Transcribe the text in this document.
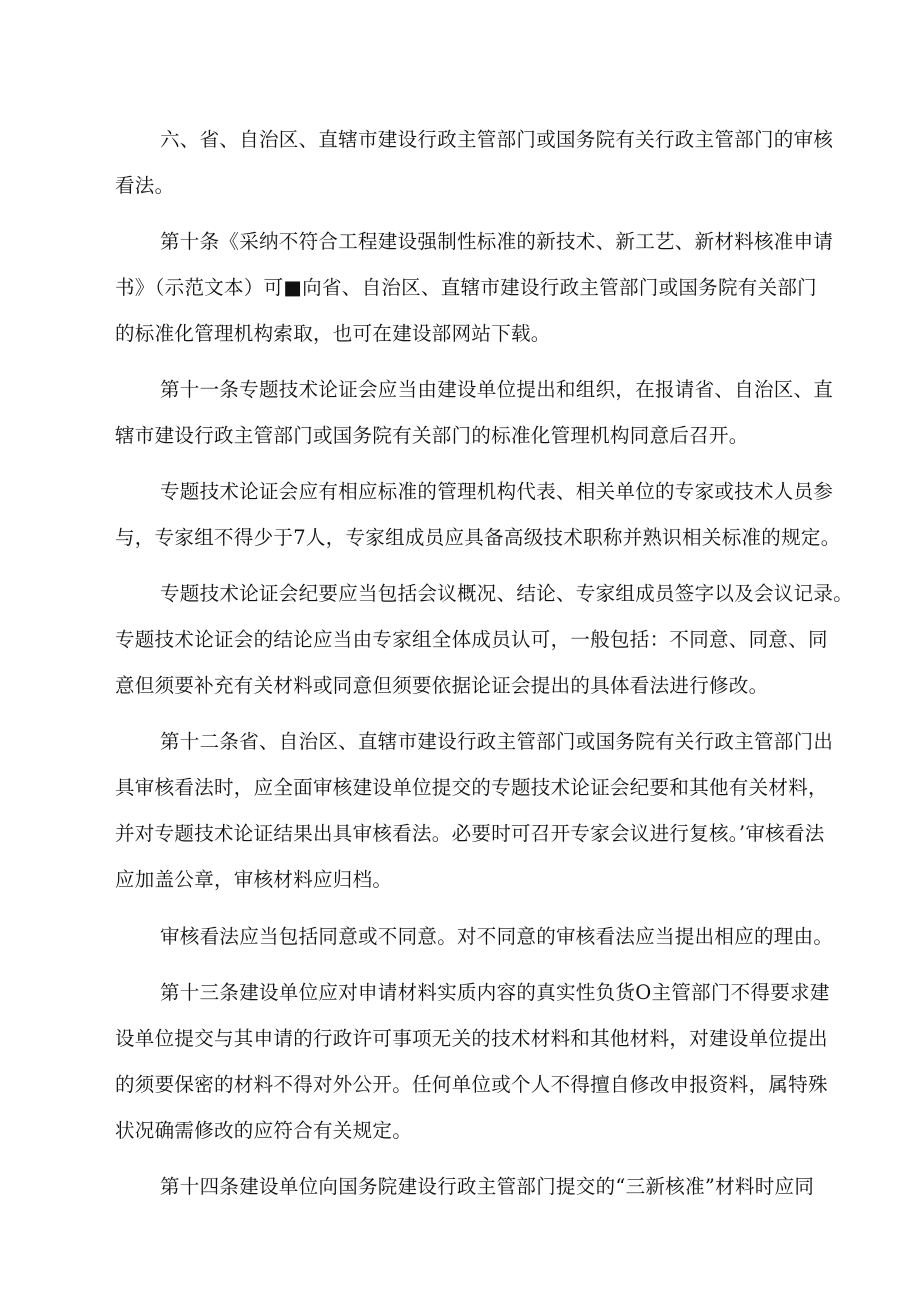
六、省、自治区、直辖市建设行政主管部门或国务院有关行政主管部门的审核
看法。
第十条《采纳不符合工程建设强制性标准的新技术、新工艺、新材料核准申请
书》（示范文本）可■向省、自治区、直辖市建设行政主管部门或国务院有关部门
的标准化管理机构索取，也可在建设部网站下载。
第十一条专题技术论证会应当由建设单位提出和组织，在报请省、自治区、直
辖市建设行政主管部门或国务院有关部门的标准化管理机构同意后召开。
专题技术论证会应有相应标准的管理机构代表、相关单位的专家或技术人员参
与，专家组不得少于7人，专家组成员应具备高级技术职称并熟识相关标准的规定。
专题技术论证会纪要应当包括会议概况、结论、专家组成员签字以及会议记录。
专题技术论证会的结论应当由专家组全体成员认可，一般包括：不同意、同意、同
意但须要补充有关材料或同意但须要依据论证会提出的具体看法进行修改。
第十二条省、自治区、直辖市建设行政主管部门或国务院有关行政主管部门出
具审核看法时，应全面审核建设单位提交的专题技术论证会纪要和其他有关材料，
并对专题技术论证结果出具审核看法。必要时可召开专家会议进行复核。’审核看法
应加盖公章，审核材料应归档。
审核看法应当包括同意或不同意。对不同意的审核看法应当提出相应的理由。
第十三条建设单位应对申请材料实质内容的真实性负货O主管部门不得要求建
设单位提交与其申请的行政许可事项无关的技术材料和其他材料，对建设单位提出
的须要保密的材料不得对外公开。任何单位或个人不得擅自修改申报资料，属特殊
状况确需修改的应符合有关规定。
第十四条建设单位向国务院建设行政主管部门提交的“三新核准”材料时应同
